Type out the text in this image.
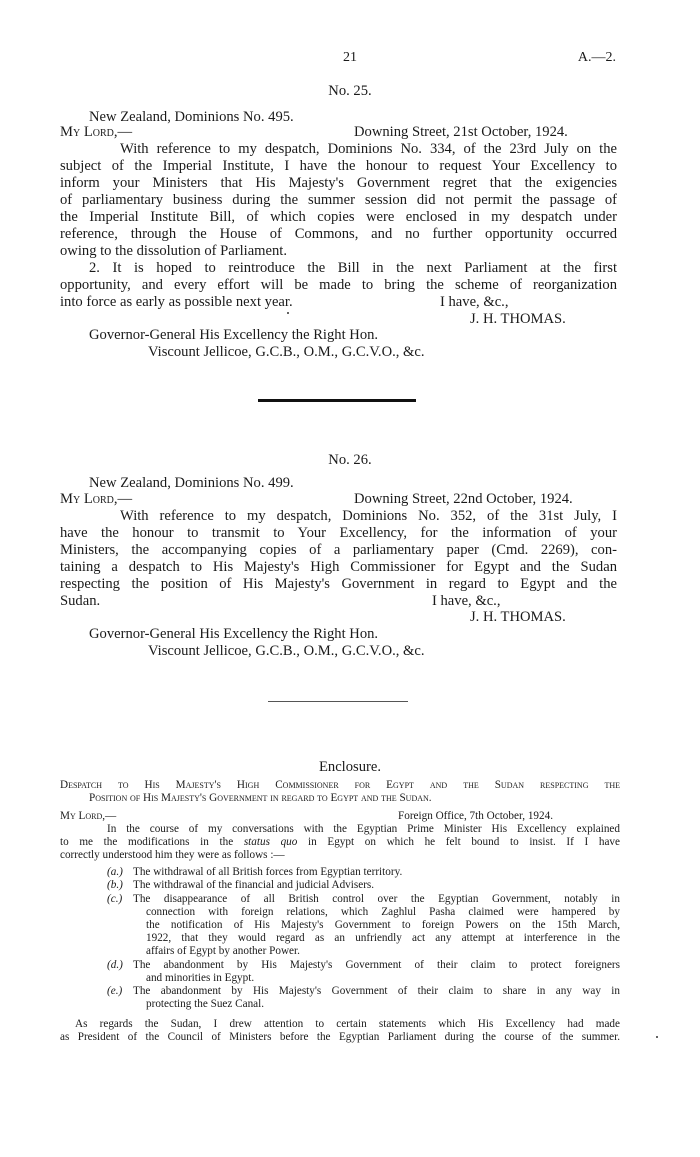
21	A.—2.
No. 25.
New Zealand, Dominions No. 495.
My Lord,—	Downing Street, 21st October, 1924.
With reference to my despatch, Dominions No. 334, of the 23rd July on the
subject of the Imperial Institute, I have the honour to request Your Excellency to
inform your Ministers that His Majesty's Government regret that the exigencies
of parliamentary business during the summer session did not permit the passage of
the Imperial Institute Bill, of which copies were enclosed in my despatch under
reference, through the House of Commons, and no further opportunity occurred
owing to the dissolution of Parliament.
2. It is hoped to reintroduce the Bill in the next Parliament at the first
opportunity, and every effort will be made to bring the scheme of reorganization
into force as early as possible next year.	I have, &c.,
J. H. THOMAS.
Governor-General His Excellency the Right Hon.
Viscount Jellicoe, G.C.B., O.M., G.C.V.O., &c.
No. 26.
New Zealand, Dominions No. 499.
My Lord,—	Downing Street, 22nd October, 1924.
With reference to my despatch, Dominions No. 352, of the 31st July, I
have the honour to transmit to Your Excellency, for the information of your
Ministers, the accompanying copies of a parliamentary paper (Cmd. 2269), con-
taining a despatch to His Majesty's High Commissioner for Egypt and the Sudan
respecting the position of His Majesty's Government in regard to Egypt and the
Sudan.	I have, &c.,
J. H. THOMAS.
Governor-General His Excellency the Right Hon.
Viscount Jellicoe, G.C.B., O.M., G.C.V.O., &c.
Enclosure.
Despatch to His Majesty's High Commissioner for Egypt and the Sudan respecting the
Position of His Majesty's Government in regard to Egypt and the Sudan.
My Lord,—	Foreign Office, 7th October, 1924.
In the course of my conversations with the Egyptian Prime Minister His Excellency explained
to me the modifications in the status quo in Egypt on which he felt bound to insist. If I have
correctly understood him they were as follows :—
(a.) The withdrawal of all British forces from Egyptian territory.
(b.) The withdrawal of the financial and judicial Advisers.
(c.) The disappearance of all British control over the Egyptian Government, notably in
connection with foreign relations, which Zaghlul Pasha claimed were hampered by
the notification of His Majesty's Government to foreign Powers on the 15th March,
1922, that they would regard as an unfriendly act any attempt at interference in the
affairs of Egypt by another Power.
(d.) The abandonment by His Majesty's Government of their claim to protect foreigners
and minorities in Egypt.
(e.) The abandonment by His Majesty's Government of their claim to share in any way in
protecting the Suez Canal.
As regards the Sudan, I drew attention to certain statements which His Excellency had made
as President of the Council of Ministers before the Egyptian Parliament during the course of the summer.
